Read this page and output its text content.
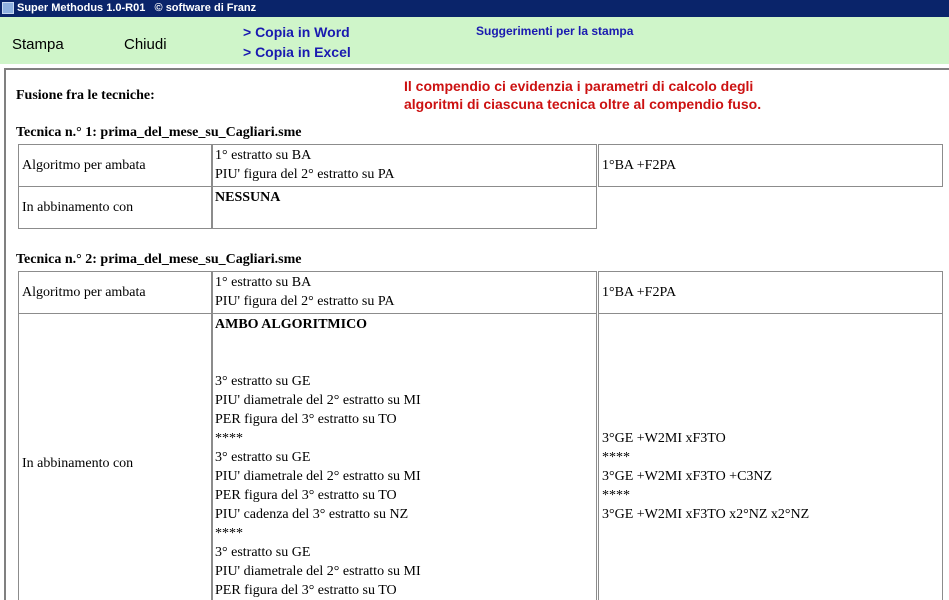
Super Methodus 1.0-R01   © software di Franz
Stampa	Chiudi
> Copia in Word
> Copia in Excel
Suggerimenti per la stampa
Fusione fra le tecniche:
Il compendio ci evidenzia i parametri di calcolo degli
algoritmi di ciascuna tecnica oltre al compendio fuso.
Tecnica n.° 1: prima_del_mese_su_Cagliari.sme
Algoritmo per ambata
1° estratto su BA
PIU' figura del 2° estratto su PA
1°BA +F2PA
In abbinamento con
NESSUNA
Tecnica n.° 2: prima_del_mese_su_Cagliari.sme
Algoritmo per ambata
1° estratto su BA
PIU' figura del 2° estratto su PA
1°BA +F2PA
In abbinamento con
AMBO ALGORITMICO
3° estratto su GE
PIU' diametrale del 2° estratto su MI
PER figura del 3° estratto su TO
****
3° estratto su GE
PIU' diametrale del 2° estratto su MI
PER figura del 3° estratto su TO
PIU' cadenza del 3° estratto su NZ
****
3° estratto su GE
PIU' diametrale del 2° estratto su MI
PER figura del 3° estratto su TO
3°GE +W2MI xF3TO
****
3°GE +W2MI xF3TO +C3NZ
****
3°GE +W2MI xF3TO x2°NZ x2°NZ
